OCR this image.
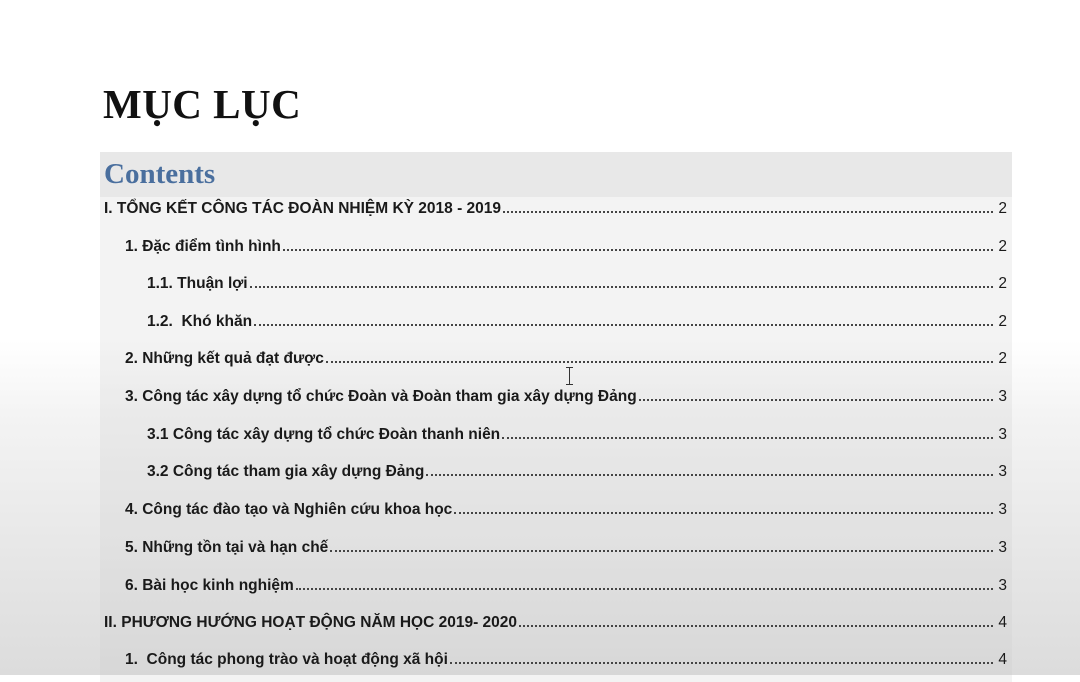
MỤC LỤC
Contents
I. TỔNG KẾT CÔNG TÁC ĐOÀN NHIỆM KỲ 2018 - 2019	2
1. Đặc điểm tình hình	2
1.1. Thuận lợi	2
1.2.  Khó khăn	2
2. Những kết quả đạt được	2
3. Công tác xây dựng tổ chức Đoàn và Đoàn tham gia xây dựng Đảng	3
3.1 Công tác xây dựng tổ chức Đoàn thanh niên	3
3.2 Công tác tham gia xây dựng Đảng	3
4. Công tác đào tạo và Nghiên cứu khoa học	3
5. Những tồn tại và hạn chế	3
6. Bài học kinh nghiệm	3
II. PHƯƠNG HƯỚNG HOẠT ĐỘNG NĂM HỌC 2019- 2020	4
1.  Công tác phong trào và hoạt động xã hội	4
